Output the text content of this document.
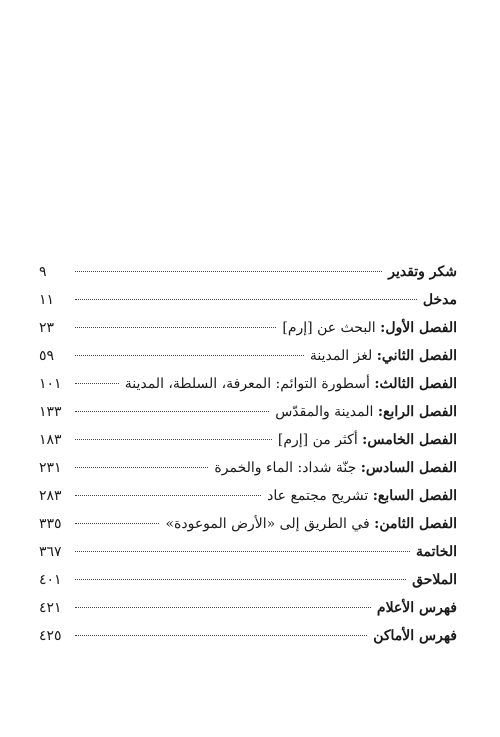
شكر وتقدير
٩
مدخل
١١
الفصل الأول: البحث عن [إرم]
٢٣
الفصل الثاني: لغز المدينة
٥٩
الفصل الثالث: أسطورة التوائم: المعرفة، السلطة، المدينة
١٠١
الفصل الرابع: المدينة والمقدّس
١٣٣
الفصل الخامس: أكثر من [إرم]
١٨٣
الفصل السادس: جنّة شداد: الماء والخمرة
٢٣١
الفصل السابع: تشريح مجتمع عاد
٢٨٣
الفصل الثامن: في الطريق إلى «الأرض الموعودة»
٣٣٥
الخاتمة
٣٦٧
الملاحق
٤٠١
فهرس الأعلام
٤٢١
فهرس الأماكن
٤٢٥
